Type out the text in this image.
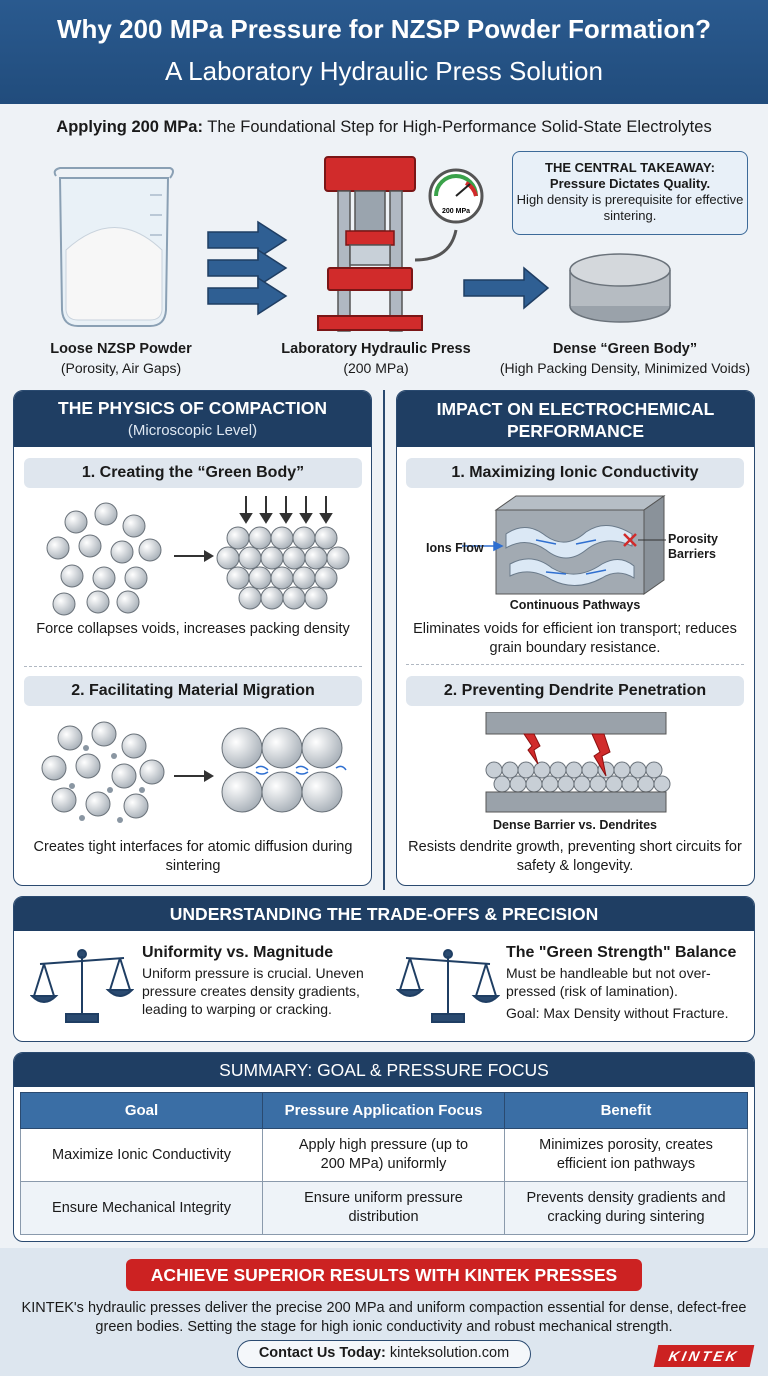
Why 200 MPa Pressure for NZSP Powder Formation?
A Laboratory Hydraulic Press Solution
Applying 200 MPa: The Foundational Step for High-Performance Solid-State Electrolytes
200 MPa
Loose NZSP Powder
(Porosity, Air Gaps)
Laboratory Hydraulic Press
(200 MPa)
Dense “Green Body”
(High Packing Density, Minimized Voids)
THE CENTRAL TAKEAWAY:
Pressure Dictates Quality.
High density is prerequisite for effective sintering.
THE PHYSICS OF COMPACTION
(Microscopic Level)
1. Creating the “Green Body”
Force collapses voids, increases packing density
2. Facilitating Material Migration
Creates tight interfaces for atomic diffusion during sintering
IMPACT ON ELECTROCHEMICAL PERFORMANCE
1. Maximizing Ionic Conductivity
Ions Flow
Porosity Barriers
Continuous Pathways
Eliminates voids for efficient ion transport; reduces grain boundary resistance.
2. Preventing Dendrite Penetration
Dense Barrier vs. Dendrites
Resists dendrite growth, preventing short circuits for safety & longevity.
UNDERSTANDING THE TRADE-OFFS & PRECISION
Uniformity vs. Magnitude
Uniform pressure is crucial. Uneven pressure creates density gradients, leading to warping or cracking.
The "Green Strength" Balance
Must be handleable but not over-pressed (risk of lamination).
Goal: Max Density without Fracture.
SUMMARY: GOAL & PRESSURE FOCUS
Goal	Pressure Application Focus	Benefit
Maximize Ionic Conductivity	Apply high pressure (up to 200 MPa) uniformly	Minimizes porosity, creates efficient ion pathways
Ensure Mechanical Integrity	Ensure uniform pressure distribution	Prevents density gradients and cracking during sintering
ACHIEVE SUPERIOR RESULTS WITH KINTEK PRESSES
KINTEK's hydraulic presses deliver the precise 200 MPa and uniform compaction essential for dense, defect-free green bodies. Setting the stage for high ionic conductivity and robust mechanical strength.
Contact Us Today: kinteksolution.com	KINTEK
